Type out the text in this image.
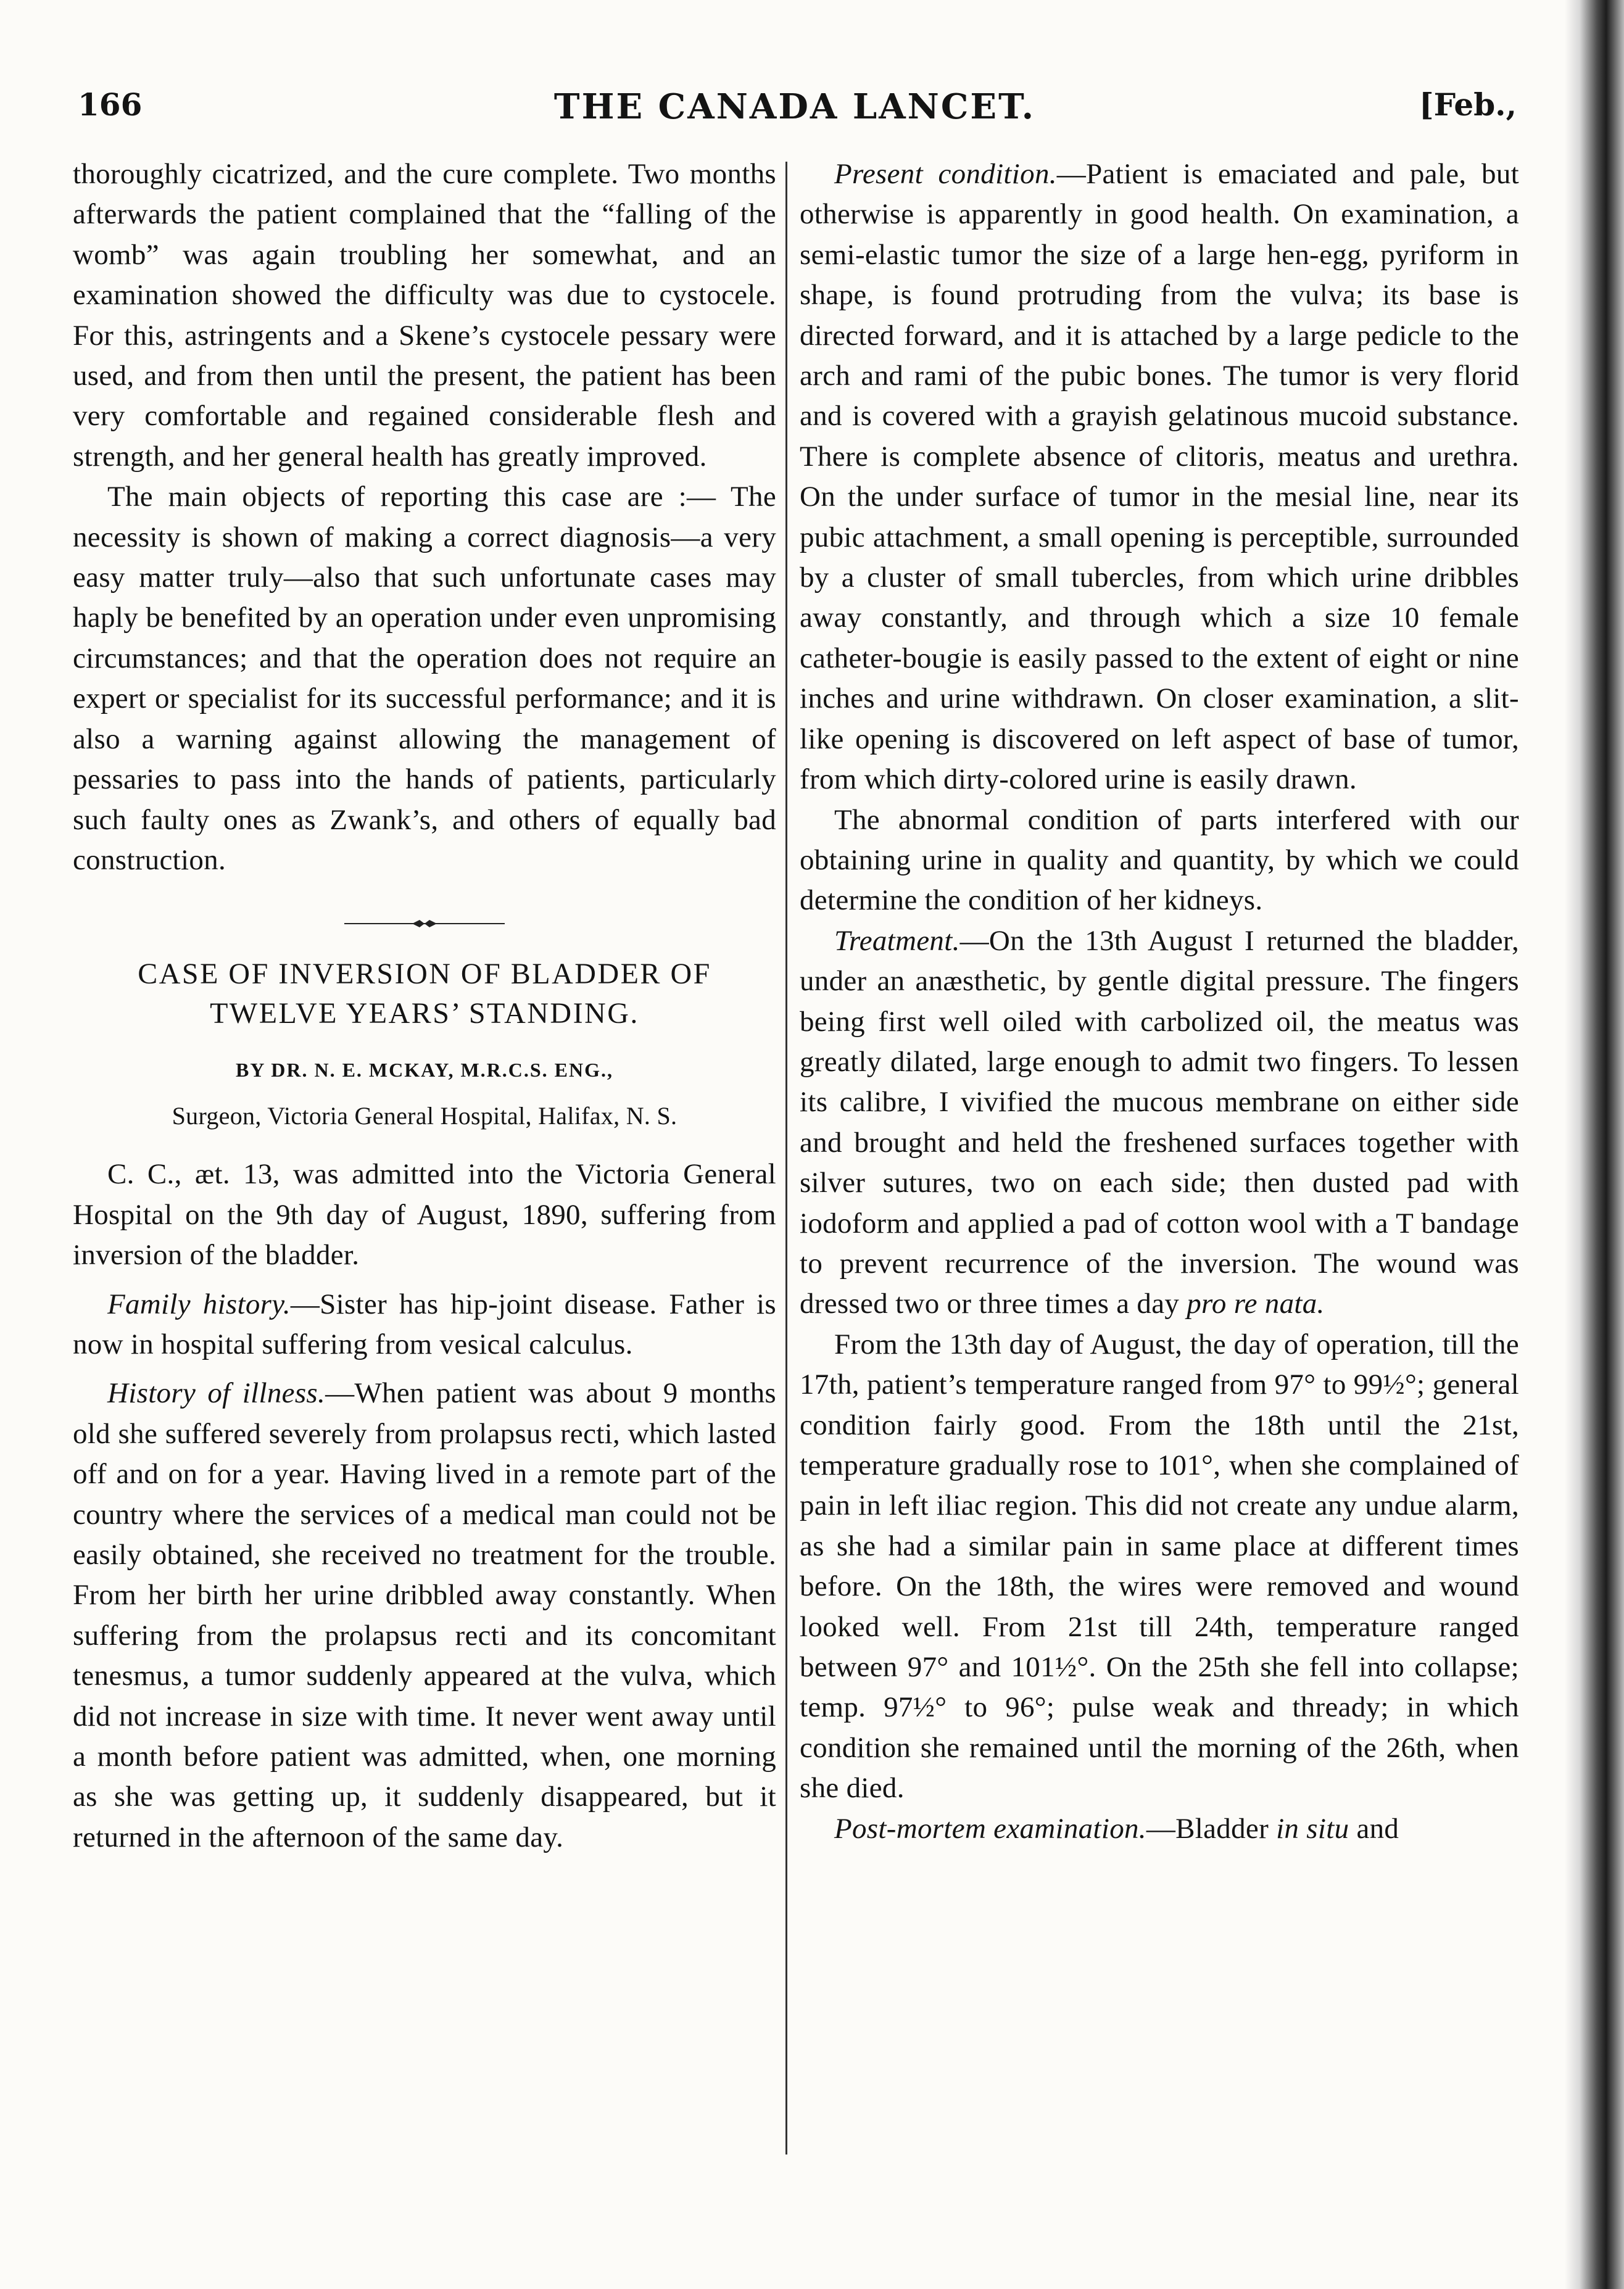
166	THE CANADA LANCET.	[Feb.,

thoroughly cicatrized, and the cure complete. Two months afterwards the patient complained that the “falling of the womb” was again troubling her somewhat, and an examination showed the difficulty was due to cystocele. For this, astringents and a Skene’s cystocele pessary were used, and from then until the present, the patient has been very comfortable and regained considerable flesh and strength, and her general health has greatly improved.

The main objects of reporting this case are :— The necessity is shown of making a correct diagnosis—a very easy matter truly—also that such unfortunate cases may haply be benefited by an operation under even unpromising circumstances; and that the operation does not require an expert or specialist for its successful performance; and it is also a warning against allowing the management of pessaries to pass into the hands of patients, particularly such faulty ones as Zwank’s, and others of equally bad construction.

CASE OF INVERSION OF BLADDER OF TWELVE YEARS’ STANDING.
BY DR. N. E. MCKAY, M.R.C.S. ENG.,
Surgeon, Victoria General Hospital, Halifax, N. S.

C. C., æt. 13, was admitted into the Victoria General Hospital on the 9th day of August, 1890, suffering from inversion of the bladder.

Family history.—Sister has hip-joint disease. Father is now in hospital suffering from vesical calculus.

History of illness.—When patient was about 9 months old she suffered severely from prolapsus recti, which lasted off and on for a year. Having lived in a remote part of the country where the services of a medical man could not be easily obtained, she received no treatment for the trouble. From her birth her urine dribbled away constantly. When suffering from the prolapsus recti and its concomitant tenesmus, a tumor suddenly appeared at the vulva, which did not increase in size with time. It never went away until a month before patient was admitted, when, one morning as she was getting up, it suddenly disappeared, but it returned in the afternoon of the same day.

Present condition.—Patient is emaciated and pale, but otherwise is apparently in good health. On examination, a semi-elastic tumor the size of a large hen-egg, pyriform in shape, is found protruding from the vulva; its base is directed forward, and it is attached by a large pedicle to the arch and rami of the pubic bones. The tumor is very florid and is covered with a grayish gelatinous mucoid substance. There is complete absence of clitoris, meatus and urethra. On the under surface of tumor in the mesial line, near its pubic attachment, a small opening is perceptible, surrounded by a cluster of small tubercles, from which urine dribbles away constantly, and through which a size 10 female catheter-bougie is easily passed to the extent of eight or nine inches and urine withdrawn. On closer examination, a slit-like opening is discovered on left aspect of base of tumor, from which dirty-colored urine is easily drawn.

The abnormal condition of parts interfered with our obtaining urine in quality and quantity, by which we could determine the condition of her kidneys.

Treatment.—On the 13th August I returned the bladder, under an anæsthetic, by gentle digital pressure. The fingers being first well oiled with carbolized oil, the meatus was greatly dilated, large enough to admit two fingers. To lessen its calibre, I vivified the mucous membrane on either side and brought and held the freshened surfaces together with silver sutures, two on each side; then dusted pad with iodoform and applied a pad of cotton wool with a T bandage to prevent recurrence of the inversion. The wound was dressed two or three times a day pro re nata.

From the 13th day of August, the day of operation, till the 17th, patient’s temperature ranged from 97° to 99½°; general condition fairly good. From the 18th until the 21st, temperature gradually rose to 101°, when she complained of pain in left iliac region. This did not create any undue alarm, as she had a similar pain in same place at different times before. On the 18th, the wires were removed and wound looked well. From 21st till 24th, temperature ranged between 97° and 101½°. On the 25th she fell into collapse; temp. 97½° to 96°; pulse weak and thready; in which condition she remained until the morning of the 26th, when she died.

Post-mortem examination.—Bladder in situ and
